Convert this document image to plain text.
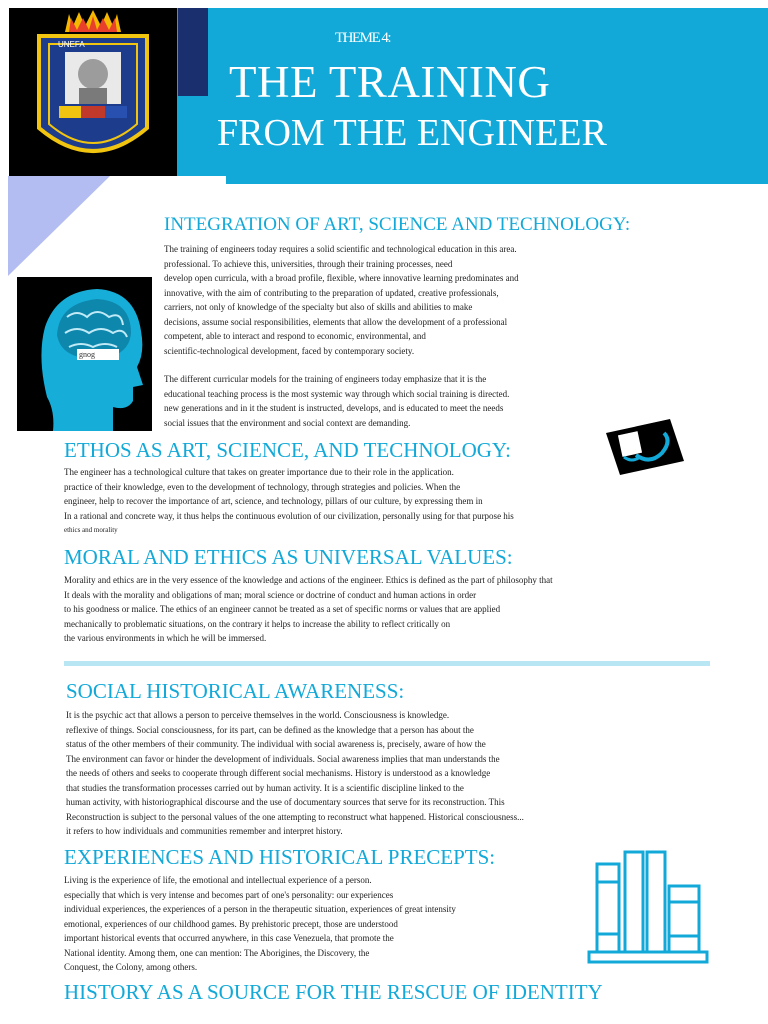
UNEFA	THEME 4:
THE TRAINING
FROM THE ENGINEER
INTEGRATION OF ART, SCIENCE AND TECHNOLOGY:

The training of engineers today requires a solid scientific and technological education in this area.

professional. To achieve this, universities, through their training processes, need

develop open curricula, with a broad profile, flexible, where innovative learning predominates and

innovative, with the aim of contributing to the preparation of updated, creative professionals,

carriers, not only of knowledge of the specialty but also of skills and abilities to make

decisions, assume social responsibilities, elements that allow the development of a professional

competent, able to interact and respond to economic, environmental, and

scientific-technological development, faced by contemporary society.

The different curricular models for the training of engineers today emphasize that it is the

educational teaching process is the most systemic way through which social training is directed.

new generations and in it the student is instructed, develops, and is educated to meet the needs

social issues that the environment and social context are demanding.

gnog
ETHOS AS ART, SCIENCE, AND TECHNOLOGY:

The engineer has a technological culture that takes on greater importance due to their role in the application.

practice of their knowledge, even to the development of technology, through strategies and policies. When the

engineer, help to recover the importance of art, science, and technology, pillars of our culture, by expressing them in

In a rational and concrete way, it thus helps the continuous evolution of our civilization, personally using for that purpose his

ethics and morality

MORAL AND ETHICS AS UNIVERSAL VALUES:

Morality and ethics are in the very essence of the knowledge and actions of the engineer. Ethics is defined as the part of philosophy that

It deals with the morality and obligations of man; moral science or doctrine of conduct and human actions in order

to his goodness or malice. The ethics of an engineer cannot be treated as a set of specific norms or values that are applied

mechanically to problematic situations, on the contrary it helps to increase the ability to reflect critically on

the various environments in which he will be immersed.

SOCIAL HISTORICAL AWARENESS:

It is the psychic act that allows a person to perceive themselves in the world. Consciousness is knowledge.

reflexive of things. Social consciousness, for its part, can be defined as the knowledge that a person has about the

status of the other members of their community. The individual with social awareness is, precisely, aware of how the

The environment can favor or hinder the development of individuals. Social awareness implies that man understands the

the needs of others and seeks to cooperate through different social mechanisms. History is understood as a knowledge

that studies the transformation processes carried out by human activity. It is a scientific discipline linked to the

human activity, with historiographical discourse and the use of documentary sources that serve for its reconstruction. This

Reconstruction is subject to the personal values of the one attempting to reconstruct what happened. Historical consciousness...

it refers to how individuals and communities remember and interpret history.

EXPERIENCES AND HISTORICAL PRECEPTS:

Living is the experience of life, the emotional and intellectual experience of a person.

especially that which is very intense and becomes part of one's personality: our experiences

individual experiences, the experiences of a person in the therapeutic situation, experiences of great intensity

emotional, experiences of our childhood games. By prehistoric precept, those are understood

important historical events that occurred anywhere, in this case Venezuela, that promote the

National identity. Among them, one can mention: The Aborigines, the Discovery, the

Conquest, the Colony, among others.

HISTORY AS A SOURCE FOR THE RESCUE OF IDENTITY
